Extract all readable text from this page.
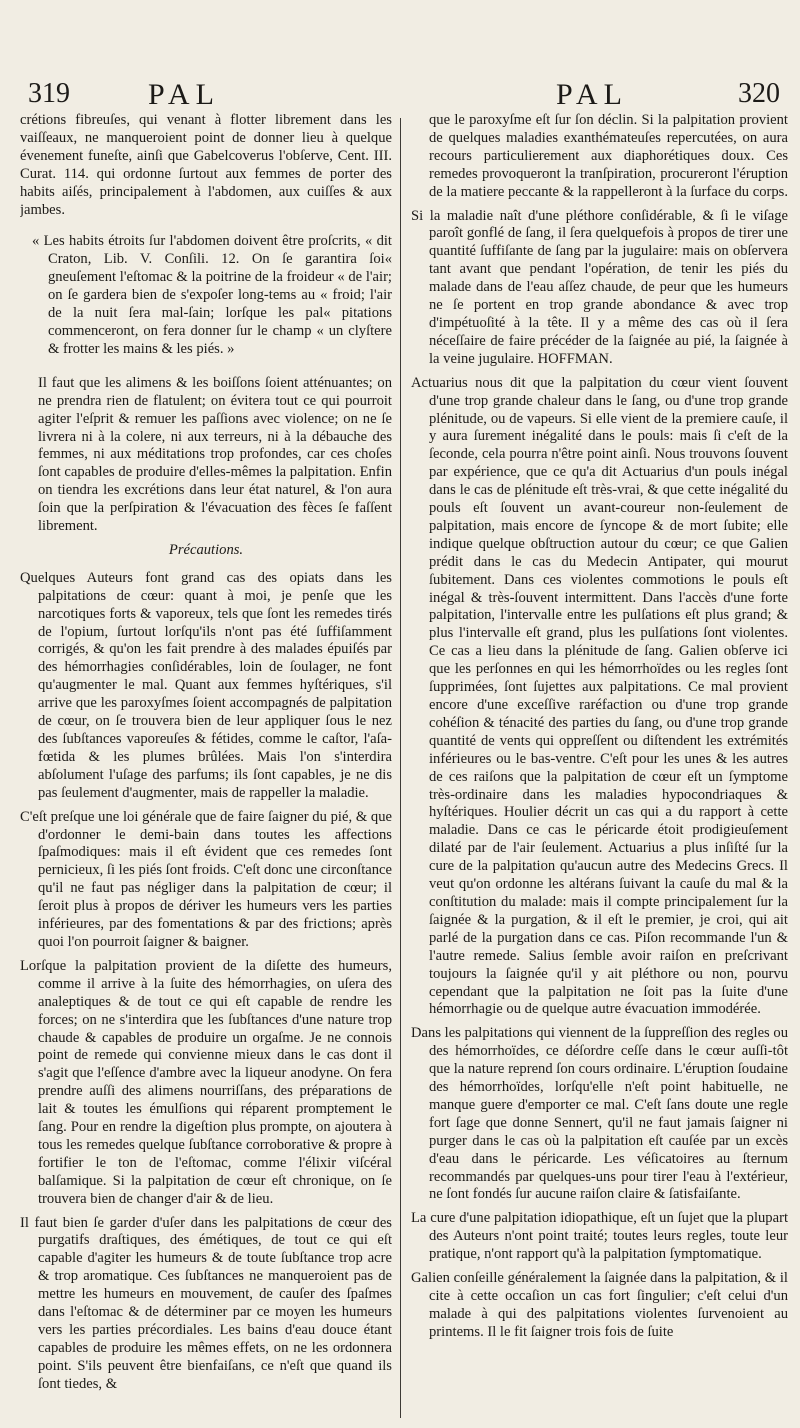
319	PAL	PAL	320

crétions fibreuſes, qui venant à flotter librement dans les vaiſſeaux, ne manqueroient point de donner lieu à quelque évenement funeſte, ainſi que Gabelcoverus l'obſerve, Cent. III. Curat. 114. qui ordonne ſurtout aux femmes de porter des habits aiſés, principalement à l'abdomen, aux cuiſſes & aux jambes.

« Les habits étroits ſur l'abdomen doivent être proſcrits, « dit Craton, Lib. V. Conſili. 12. On ſe garantira ſoi« gneuſement l'eſtomac & la poitrine de la froideur « de l'air; on ſe gardera bien de s'expoſer long-tems au « froid; l'air de la nuit ſera mal-ſain; lorſque les pal« pitations commenceront, on fera donner ſur le champ « un clyſtere & frotter les mains & les piés. »

Il faut que les alimens & les boiſſons ſoient atténuantes; on ne prendra rien de flatulent; on évitera tout ce qui pourroit agiter l'eſprit & remuer les paſſions avec violence; on ne ſe livrera ni à la colere, ni aux terreurs, ni à la débauche des femmes, ni aux méditations trop profondes, car ces choſes ſont capables de produire d'elles-mêmes la palpitation. Enfin on tiendra les excrétions dans leur état naturel, & l'on aura ſoin que la perſpiration & l'évacuation des fèces ſe faſſent librement.

Précautions.

Quelques Auteurs font grand cas des opiats dans les palpitations de cœur: quant à moi, je penſe que les narcotiques forts & vaporeux, tels que ſont les remedes tirés de l'opium, ſurtout lorſqu'ils n'ont pas été ſuffiſamment corrigés, & qu'on les fait prendre à des malades épuiſés par des hémorrhagies conſidérables, loin de ſoulager, ne font qu'augmenter le mal. Quant aux femmes hyſtériques, s'il arrive que les paroxyſmes ſoient accompagnés de palpitation de cœur, on ſe trouvera bien de leur appliquer ſous le nez des ſubſtances vaporeuſes & fétides, comme le caſtor, l'aſa-fœtida & les plumes brûlées. Mais l'on s'interdira abſolument l'uſage des parfums; ils ſont capables, je ne dis pas ſeulement d'augmenter, mais de rappeller la maladie.

C'eſt preſque une loi générale que de faire ſaigner du pié, & que d'ordonner le demi-bain dans toutes les affections ſpaſmodiques: mais il eſt évident que ces remedes ſont pernicieux, ſi les piés ſont froids. C'eſt donc une circonſtance qu'il ne faut pas négliger dans la palpitation de cœur; il ſeroit plus à propos de dériver les humeurs vers les parties inférieures, par des fomentations & par des frictions; après quoi l'on pourroit ſaigner & baigner.

Lorſque la palpitation provient de la diſette des humeurs, comme il arrive à la ſuite des hémorrhagies, on uſera des analeptiques & de tout ce qui eſt capable de rendre les forces; on ne s'interdira que les ſubſtances d'une nature trop chaude & capables de produire un orgaſme. Je ne connois point de remede qui convienne mieux dans le cas dont il s'agit que l'eſſence d'ambre avec la liqueur anodyne. On fera prendre auſſi des alimens nourriſſans, des préparations de lait & toutes les émulſions qui réparent promptement le ſang. Pour en rendre la digeſtion plus prompte, on ajoutera à tous les remedes quelque ſubſtance corroborative & propre à fortifier le ton de l'eſtomac, comme l'élixir viſcéral balſamique. Si la palpitation de cœur eſt chronique, on ſe trouvera bien de changer d'air & de lieu.

Il faut bien ſe garder d'uſer dans les palpitations de cœur des purgatifs draſtiques, des émétiques, de tout ce qui eſt capable d'agiter les humeurs & de toute ſubſtance trop acre & trop aromatique. Ces ſubſtances ne manqueroient pas de mettre les humeurs en mouvement, de cauſer des ſpaſmes dans l'eſtomac & de déterminer par ce moyen les humeurs vers les parties précordiales. Les bains d'eau douce étant capables de produire les mêmes effets, on ne les ordonnera point. S'ils peuvent être bienfaiſans, ce n'eſt que quand ils ſont tiedes, &

que le paroxyſme eſt ſur ſon déclin. Si la palpitation provient de quelques maladies exanthémateuſes repercutées, on aura recours particulierement aux diaphorétiques doux. Ces remedes provoqueront la tranſpiration, procureront l'éruption de la matiere peccante & la rappelleront à la ſurface du corps.

Si la maladie naît d'une pléthore conſidérable, & ſi le viſage paroît gonflé de ſang, il ſera quelquefois à propos de tirer une quantité ſuffiſante de ſang par la jugulaire: mais on obſervera tant avant que pendant l'opération, de tenir les piés du malade dans de l'eau aſſez chaude, de peur que les humeurs ne ſe portent en trop grande abondance & avec trop d'impétuoſité à la tête. Il y a même des cas où il ſera néceſſaire de faire précéder de la ſaignée au pié, la ſaignée à la veine jugulaire. HOFFMAN.

Actuarius nous dit que la palpitation du cœur vient ſouvent d'une trop grande chaleur dans le ſang, ou d'une trop grande plénitude, ou de vapeurs. Si elle vient de la premiere cauſe, il y aura ſurement inégalité dans le pouls: mais ſi c'eſt de la ſeconde, cela pourra n'être point ainſi. Nous trouvons ſouvent par expérience, que ce qu'a dit Actuarius d'un pouls inégal dans le cas de plénitude eſt très-vrai, & que cette inégalité du pouls eſt ſouvent un avant-coureur non-ſeulement de palpitation, mais encore de ſyncope & de mort ſubite; elle indique quelque obſtruction autour du cœur; ce que Galien prédit dans le cas du Medecin Antipater, qui mourut ſubitement. Dans ces violentes commotions le pouls eſt inégal & très-ſouvent intermittent. Dans l'accès d'une forte palpitation, l'intervalle entre les pulſations eſt plus grand; & plus l'intervalle eſt grand, plus les pulſations ſont violentes. Ce cas a lieu dans la plénitude de ſang. Galien obſerve ici que les perſonnes en qui les hémorrhoïdes ou les regles ſont ſupprimées, ſont ſujettes aux palpitations. Ce mal provient encore d'une exceſſive raréfaction ou d'une trop grande cohéſion & ténacité des parties du ſang, ou d'une trop grande quantité de vents qui oppreſſent ou diſtendent les extrémités inférieures ou le bas-ventre. C'eſt pour les unes & les autres de ces raiſons que la palpitation de cœur eſt un ſymptome très-ordinaire dans les maladies hypocondriaques & hyſtériques. Houlier décrit un cas qui a du rapport à cette maladie. Dans ce cas le péricarde étoit prodigieuſement dilaté par de l'air ſeulement. Actuarius a plus inſiſté ſur la cure de la palpitation qu'aucun autre des Medecins Grecs. Il veut qu'on ordonne les altérans ſuivant la cauſe du mal & la conſtitution du malade: mais il compte principalement ſur la ſaignée & la purgation, & il eſt le premier, je croi, qui ait parlé de la purgation dans ce cas. Piſon recommande l'un & l'autre remede. Salius ſemble avoir raiſon en preſcrivant toujours la ſaignée qu'il y ait pléthore ou non, pourvu cependant que la palpitation ne ſoit pas la ſuite d'une hémorrhagie ou de quelque autre évacuation immodérée.

Dans les palpitations qui viennent de la ſuppreſſion des regles ou des hémorrhoïdes, ce déſordre ceſſe dans le cœur auſſi-tôt que la nature reprend ſon cours ordinaire. L'éruption ſoudaine des hémorrhoïdes, lorſqu'elle n'eſt point habituelle, ne manque guere d'emporter ce mal. C'eſt ſans doute une regle fort ſage que donne Sennert, qu'il ne faut jamais ſaigner ni purger dans le cas où la palpitation eſt cauſée par un excès d'eau dans le péricarde. Les véſicatoires au ſternum recommandés par quelques-uns pour tirer l'eau à l'extérieur, ne ſont fondés ſur aucune raiſon claire & ſatisfaiſante.

La cure d'une palpitation idiopathique, eſt un ſujet que la plupart des Auteurs n'ont point traité; toutes leurs regles, toute leur pratique, n'ont rapport qu'à la palpitation ſymptomatique.

Galien conſeille généralement la ſaignée dans la palpitation, & il cite à cette occaſion un cas fort ſingulier; c'eſt celui d'un malade à qui des palpitations violentes ſurvenoient au printems. Il le fit ſaigner trois fois de ſuite
